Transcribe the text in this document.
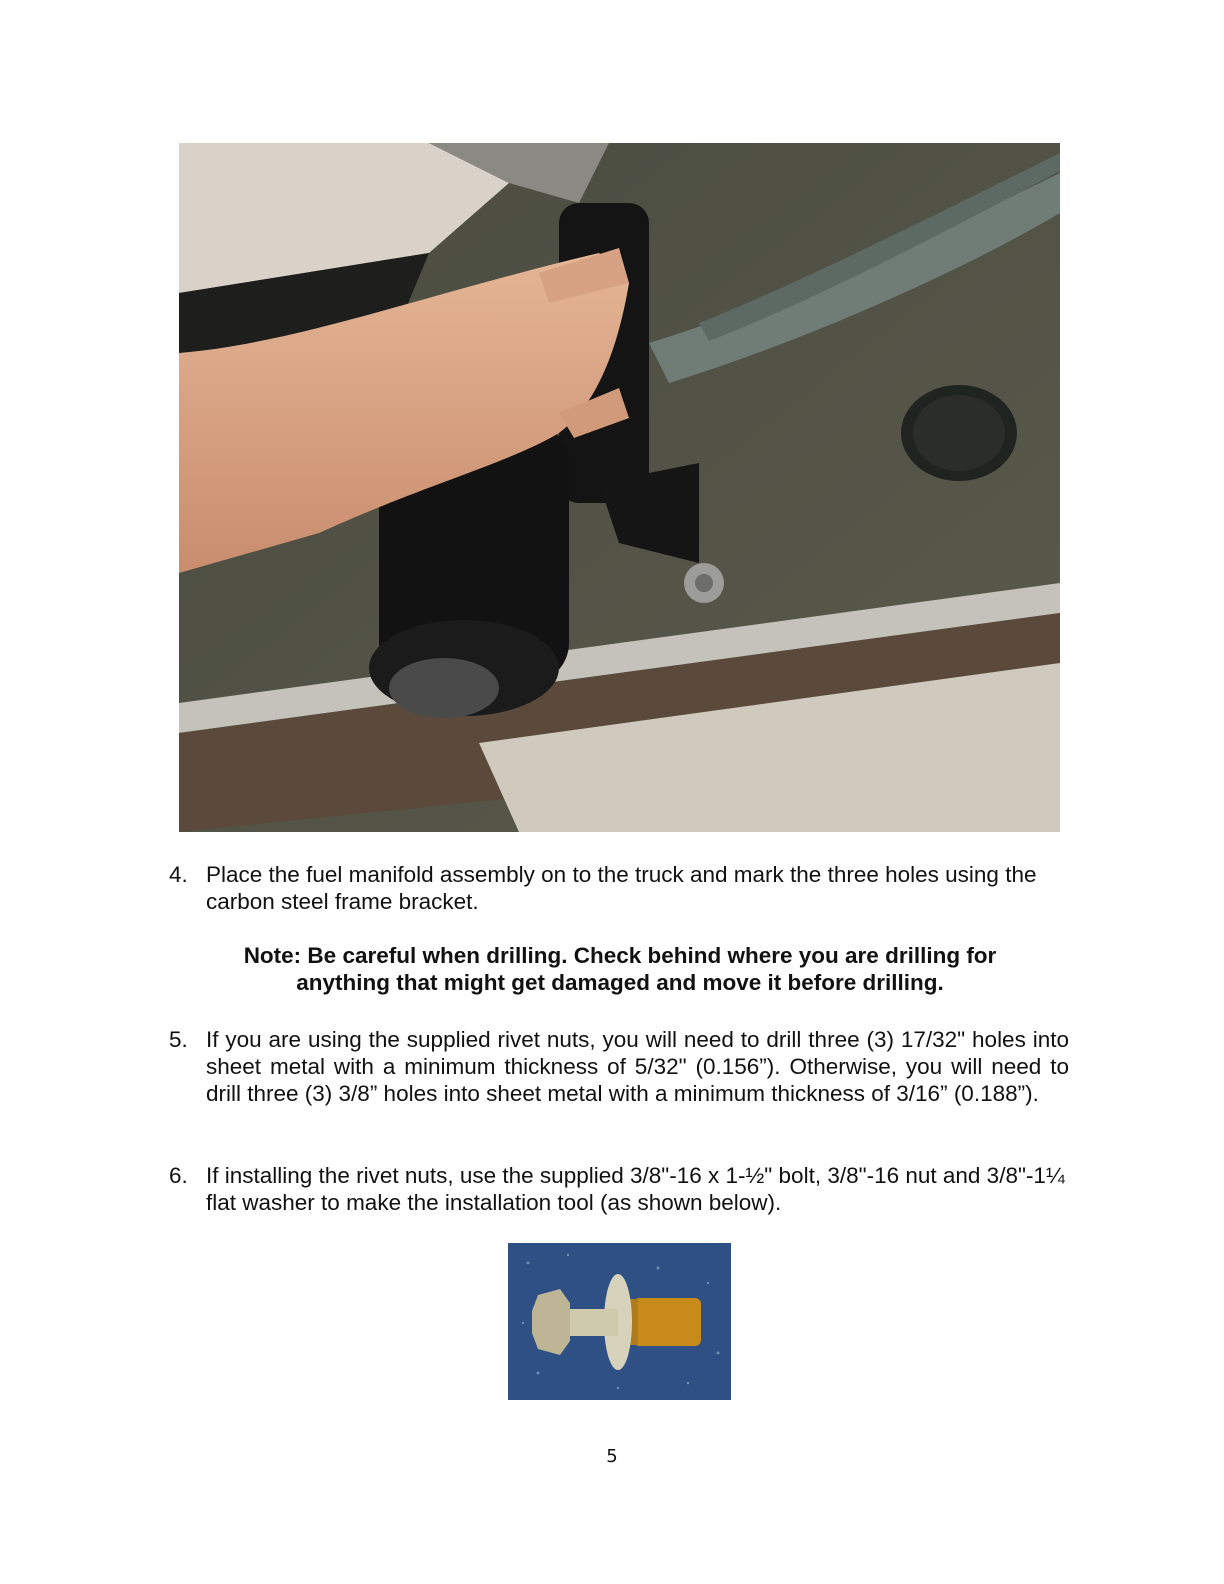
4. Place the fuel manifold assembly on to the truck and mark the three holes using the carbon steel frame bracket.
Note: Be careful when drilling. Check behind where you are drilling for anything that might get damaged and move it before drilling.
5. If you are using the supplied rivet nuts, you will need to drill three (3) 17/32" holes into sheet metal with a minimum thickness of 5/32" (0.156”). Otherwise, you will need to drill three (3) 3/8” holes into sheet metal with a minimum thickness of 3/16” (0.188”).
6. If installing the rivet nuts, use the supplied 3/8"-16 x 1-½" bolt, 3/8"-16 nut and 3/8"-1¼ flat washer to make the installation tool (as shown below).
5
